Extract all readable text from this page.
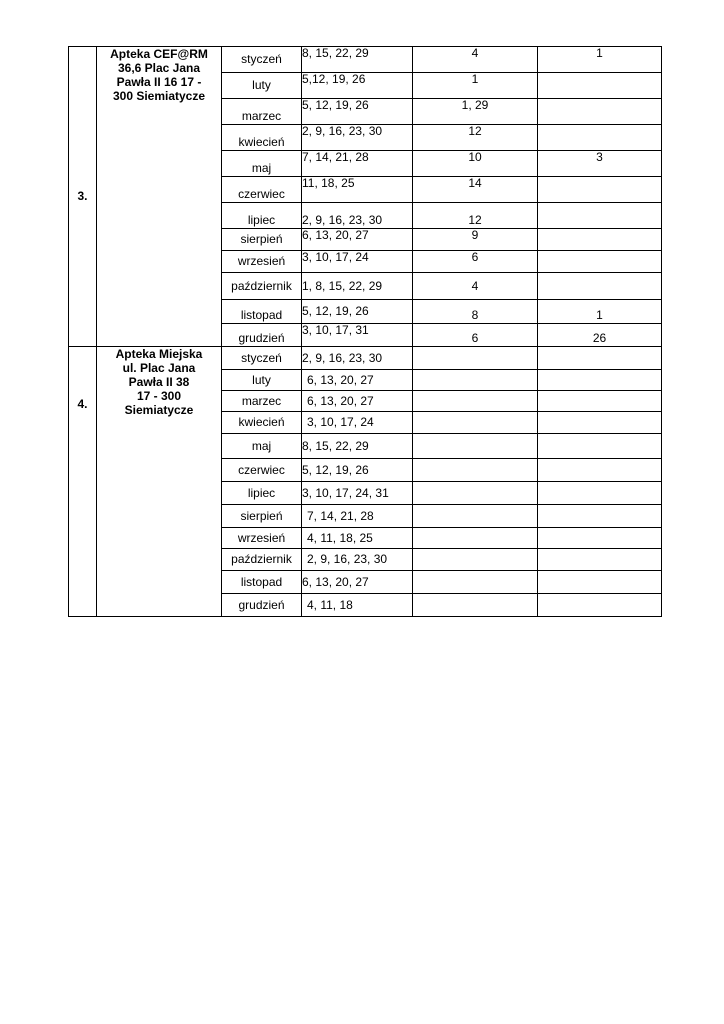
3.	Apteka CEF@RM
36,6 Plac Jana
Pawła II 16 17 -
300 Siemiatycze	styczeń	8, 15, 22, 29	4	1
		luty	5,12, 19, 26	1	
		marzec	5, 12, 19, 26	1, 29	
		kwiecień	2, 9, 16, 23, 30	12	
		maj	7, 14, 21, 28	10	3
		czerwiec	11, 18, 25	14	
		lipiec	2, 9, 16, 23, 30	12	
		sierpień	6, 13, 20, 27	9	
		wrzesień	3, 10, 17, 24	6	
		październik	1, 8, 15, 22, 29	4	
		listopad	5, 12, 19, 26	8	1
		grudzień	3, 10, 17, 31	6	26
4.	Apteka Miejska
ul. Plac Jana
Pawła II 38
17 - 300
Siemiatycze	styczeń	2, 9, 16, 23, 30		
		luty	6, 13, 20, 27		
		marzec	6, 13, 20, 27		
		kwiecień	3, 10, 17, 24		
		maj	8, 15, 22, 29		
		czerwiec	5, 12, 19, 26		
		lipiec	3, 10, 17, 24, 31		
		sierpień	7, 14, 21, 28		
		wrzesień	4, 11, 18, 25		
		październik	2, 9, 16, 23, 30		
		listopad	6, 13, 20, 27		
		grudzień	4, 11, 18		
